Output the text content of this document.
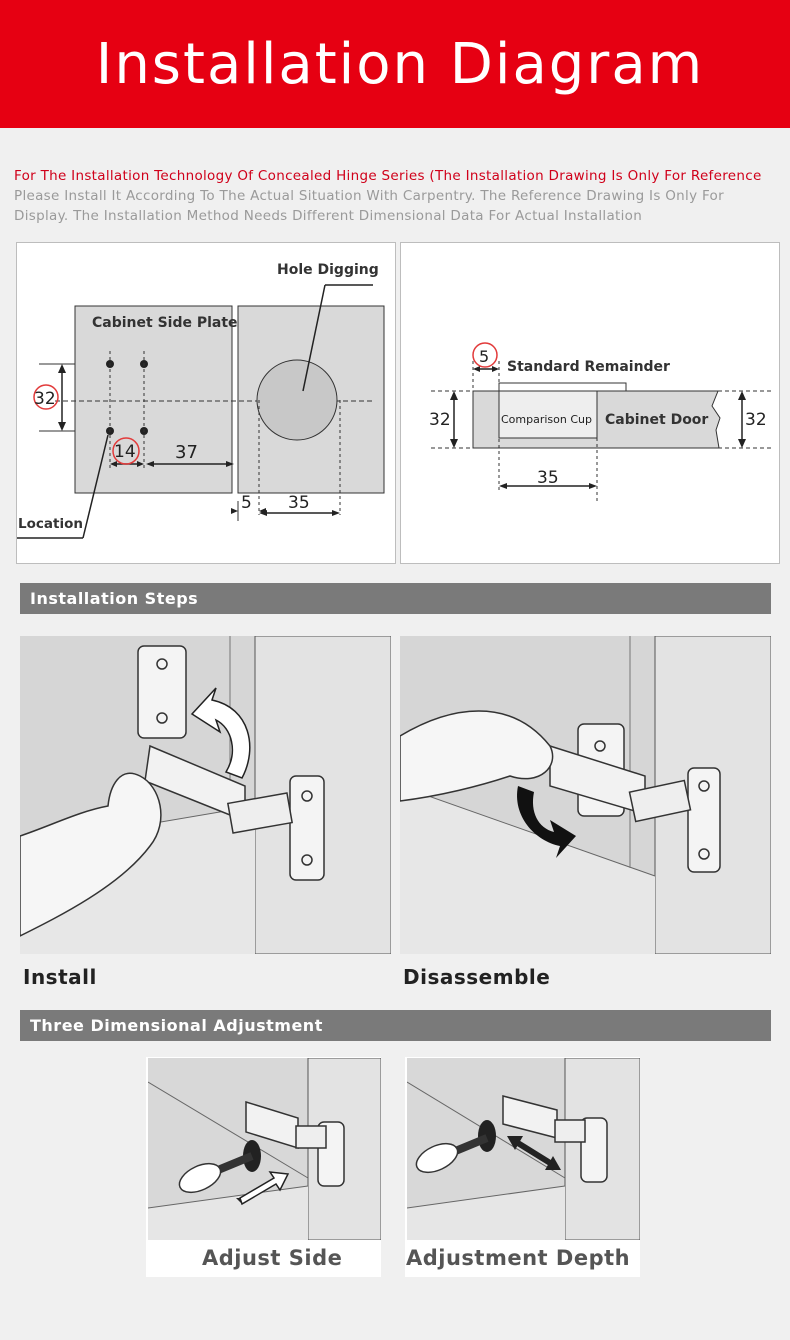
Installation Diagram
For The Installation Technology Of Concealed Hinge Series (The Installation Drawing Is Only For Reference
Please Install It According To The Actual Situation With Carpentry. The Reference Drawing Is Only For
Display. The Installation Method Needs Different Dimensional Data For Actual Installation
Hole Digging
Cabinet Side Plate
Location
32
14 37
5 35
5
Standard Remainder
32	32
Comparison Cup Cabinet Door
35
Installation Steps
Install	Disassemble
Three Dimensional Adjustment
Adjust Side	Adjustment Depth
